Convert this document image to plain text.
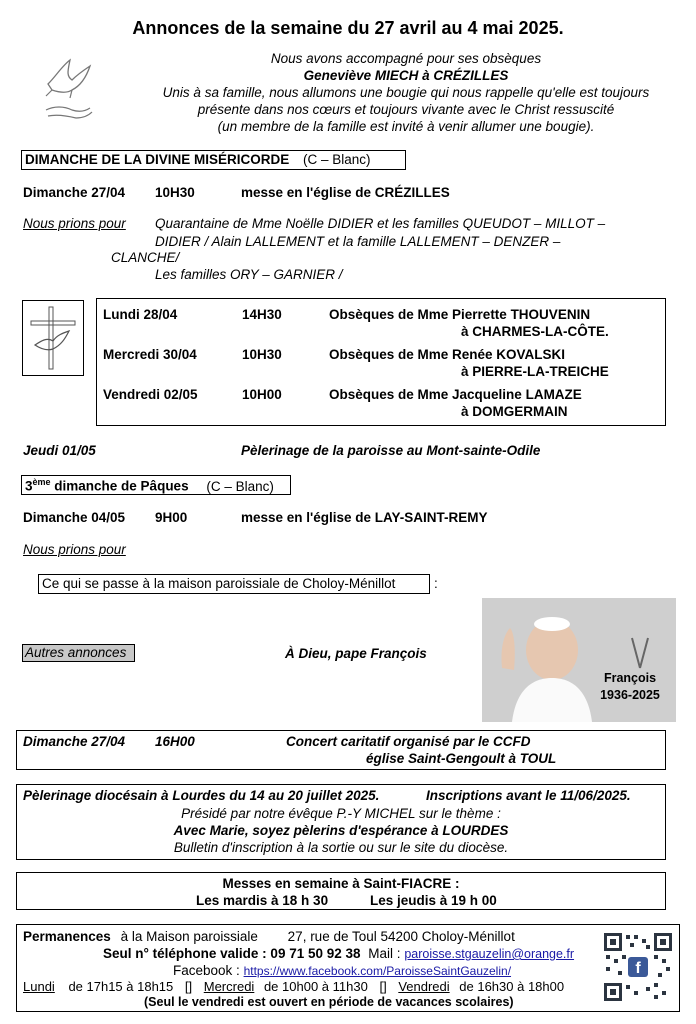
Annonces de la semaine du 27 avril au 4 mai 2025.
Nous avons accompagné pour ses obsèques
Geneviève MIECH à CRÉZILLES
Unis à sa famille, nous allumons une bougie qui nous rappelle qu'elle est toujours
présente dans nos cœurs et toujours vivante avec le Christ ressuscité
(un membre de la famille est invité à venir allumer une bougie).
DIMANCHE DE LA DIVINE MISÉRICORDE (C – Blanc)
Dimanche 27/04 10H30	messe en l'église de CRÉZILLES
Nous prions pour Quarantaine de Mme Noëlle DIDIER et les familles QUEUDOT – MILLOT –
DIDIER / Alain LALLEMENT et la famille LALLEMENT – DENZER –
CLANCHE/
Les familles ORY – GARNIER /
Lundi 28/04	14H30	Obsèques de Mme Pierrette THOUVENIN
à CHARMES-LA-CÔTE.
Mercredi 30/04	10H30	Obsèques de Mme Renée KOVALSKI
à PIERRE-LA-TREICHE
Vendredi 02/05	10H00	Obsèques de Mme Jacqueline LAMAZE
à DOMGERMAIN
Jeudi 01/05	Pèlerinage de la paroisse au Mont-sainte-Odile
3ème dimanche de Pâques (C – Blanc)
Dimanche 04/05 9H00	messe en l'église de LAY-SAINT-REMY
Nous prions pour
Ce qui se passe à la maison paroissiale de Choloy-Ménillot	:
Autres annonces	À Dieu, pape François
François
1936-2025
Dimanche 27/04 16H00	Concert caritatif organisé par le CCFD
église Saint-Gengoult à TOUL
Pèlerinage diocésain à Lourdes du 14 au 20 juillet 2025.	Inscriptions avant le 11/06/2025.
Présidé par notre évêque P.-Y MICHEL sur le thème :
Avec Marie, soyez pèlerins d'espérance à LOURDES
Bulletin d'inscription à la sortie ou sur le site du diocèse.
Messes en semaine à Saint-FIACRE :
Les mardis à 18 h 30	Les jeudis à 19 h 00
Permanences à la Maison paroissiale 27, rue de Toul 54200 Choloy-Ménillot
Seul n° téléphone valide : 09 71 50 92 38 Mail : paroisse.stgauzelin@orange.fr
Facebook : https://www.facebook.com/ParoisseSaintGauzelin/
Lundi de 17h15 à 18h15 [] Mercredi de 10h00 à 11h30 [] Vendredi de 16h30 à 18h00
(Seul le vendredi est ouvert en période de vacances scolaires)
f
